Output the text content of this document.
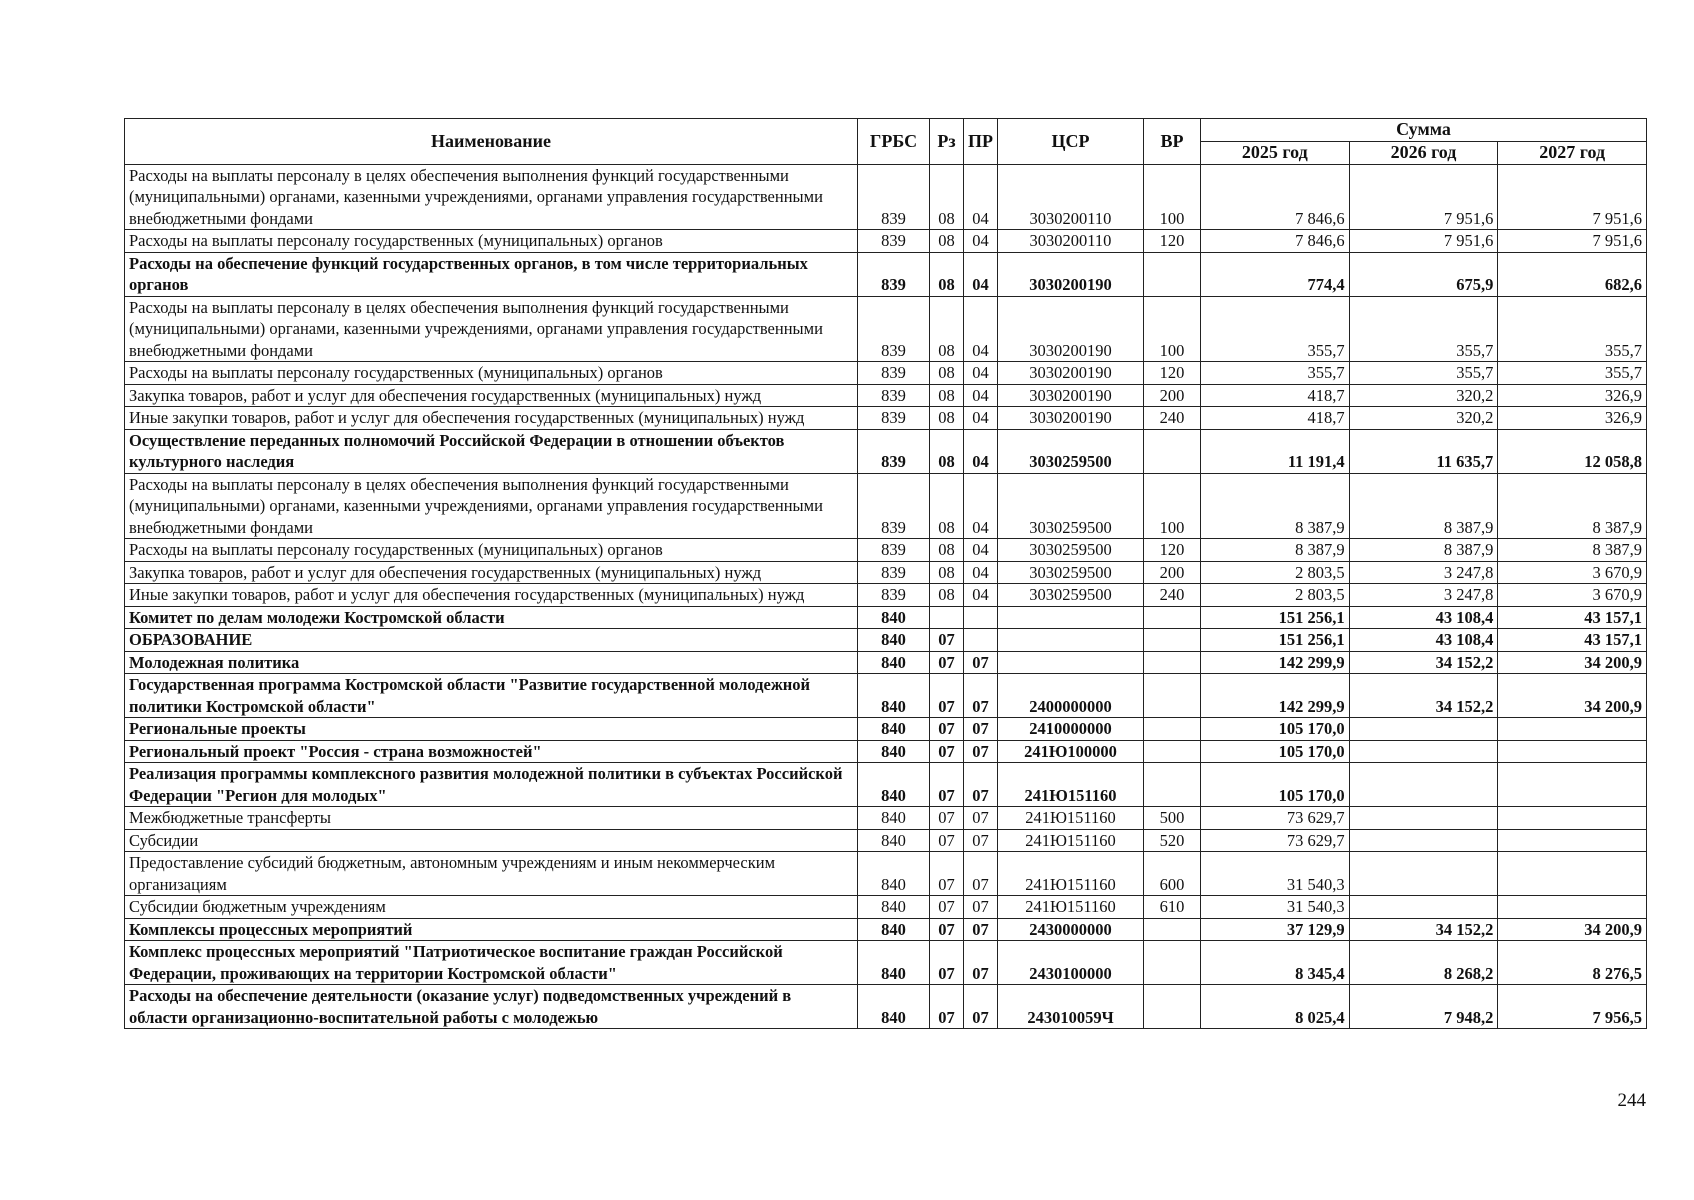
Наименование	ГРБС	Рз	ПР	ЦСР	ВР	Сумма		
						2025 год	2026 год	2027 год
Расходы на выплаты персоналу в целях обеспечения выполнения функций государственными (муниципальными) органами, казенными учреждениями, органами управления государственными внебюджетными фондами	839	08	04	3030200110	100	7 846,6	7 951,6	7 951,6
Расходы на выплаты персоналу государственных (муниципальных) органов	839	08	04	3030200110	120	7 846,6	7 951,6	7 951,6
Расходы на обеспечение функций государственных органов, в том числе территориальных органов	839	08	04	3030200190		774,4	675,9	682,6
Расходы на выплаты персоналу в целях обеспечения выполнения функций государственными (муниципальными) органами, казенными учреждениями, органами управления государственными внебюджетными фондами	839	08	04	3030200190	100	355,7	355,7	355,7
Расходы на выплаты персоналу государственных (муниципальных) органов	839	08	04	3030200190	120	355,7	355,7	355,7
Закупка товаров, работ и услуг для обеспечения государственных (муниципальных) нужд	839	08	04	3030200190	200	418,7	320,2	326,9
Иные закупки товаров, работ и услуг для обеспечения государственных (муниципальных) нужд	839	08	04	3030200190	240	418,7	320,2	326,9
Осуществление переданных полномочий Российской Федерации в отношении объектов культурного наследия	839	08	04	3030259500		11 191,4	11 635,7	12 058,8
Расходы на выплаты персоналу в целях обеспечения выполнения функций государственными (муниципальными) органами, казенными учреждениями, органами управления государственными внебюджетными фондами	839	08	04	3030259500	100	8 387,9	8 387,9	8 387,9
Расходы на выплаты персоналу государственных (муниципальных) органов	839	08	04	3030259500	120	8 387,9	8 387,9	8 387,9
Закупка товаров, работ и услуг для обеспечения государственных (муниципальных) нужд	839	08	04	3030259500	200	2 803,5	3 247,8	3 670,9
Иные закупки товаров, работ и услуг для обеспечения государственных (муниципальных) нужд	839	08	04	3030259500	240	2 803,5	3 247,8	3 670,9
Комитет по делам молодежи Костромской области	840					151 256,1	43 108,4	43 157,1
ОБРАЗОВАНИЕ	840	07				151 256,1	43 108,4	43 157,1
Молодежная политика	840	07	07			142 299,9	34 152,2	34 200,9
Государственная программа Костромской области "Развитие государственной молодежной политики Костромской области"	840	07	07	2400000000		142 299,9	34 152,2	34 200,9
Региональные проекты	840	07	07	2410000000		105 170,0		
Региональный проект "Россия - страна возможностей"	840	07	07	241Ю100000		105 170,0		
Реализация программы комплексного развития молодежной политики в субъектах Российской Федерации "Регион для молодых"	840	07	07	241Ю151160		105 170,0		
Межбюджетные трансферты	840	07	07	241Ю151160	500	73 629,7		
Субсидии	840	07	07	241Ю151160	520	73 629,7		
Предоставление субсидий бюджетным, автономным учреждениям и иным некоммерческим организациям	840	07	07	241Ю151160	600	31 540,3		
Субсидии бюджетным учреждениям	840	07	07	241Ю151160	610	31 540,3		
Комплексы процессных мероприятий	840	07	07	2430000000		37 129,9	34 152,2	34 200,9
Комплекс процессных мероприятий "Патриотическое воспитание граждан Российской Федерации, проживающих на территории Костромской области"	840	07	07	2430100000		8 345,4	8 268,2	8 276,5
Расходы на обеспечение деятельности (оказание услуг) подведомственных учреждений в области организационно-воспитательной работы с молодежью	840	07	07	243010059Ч		8 025,4	7 948,2	7 956,5
244
